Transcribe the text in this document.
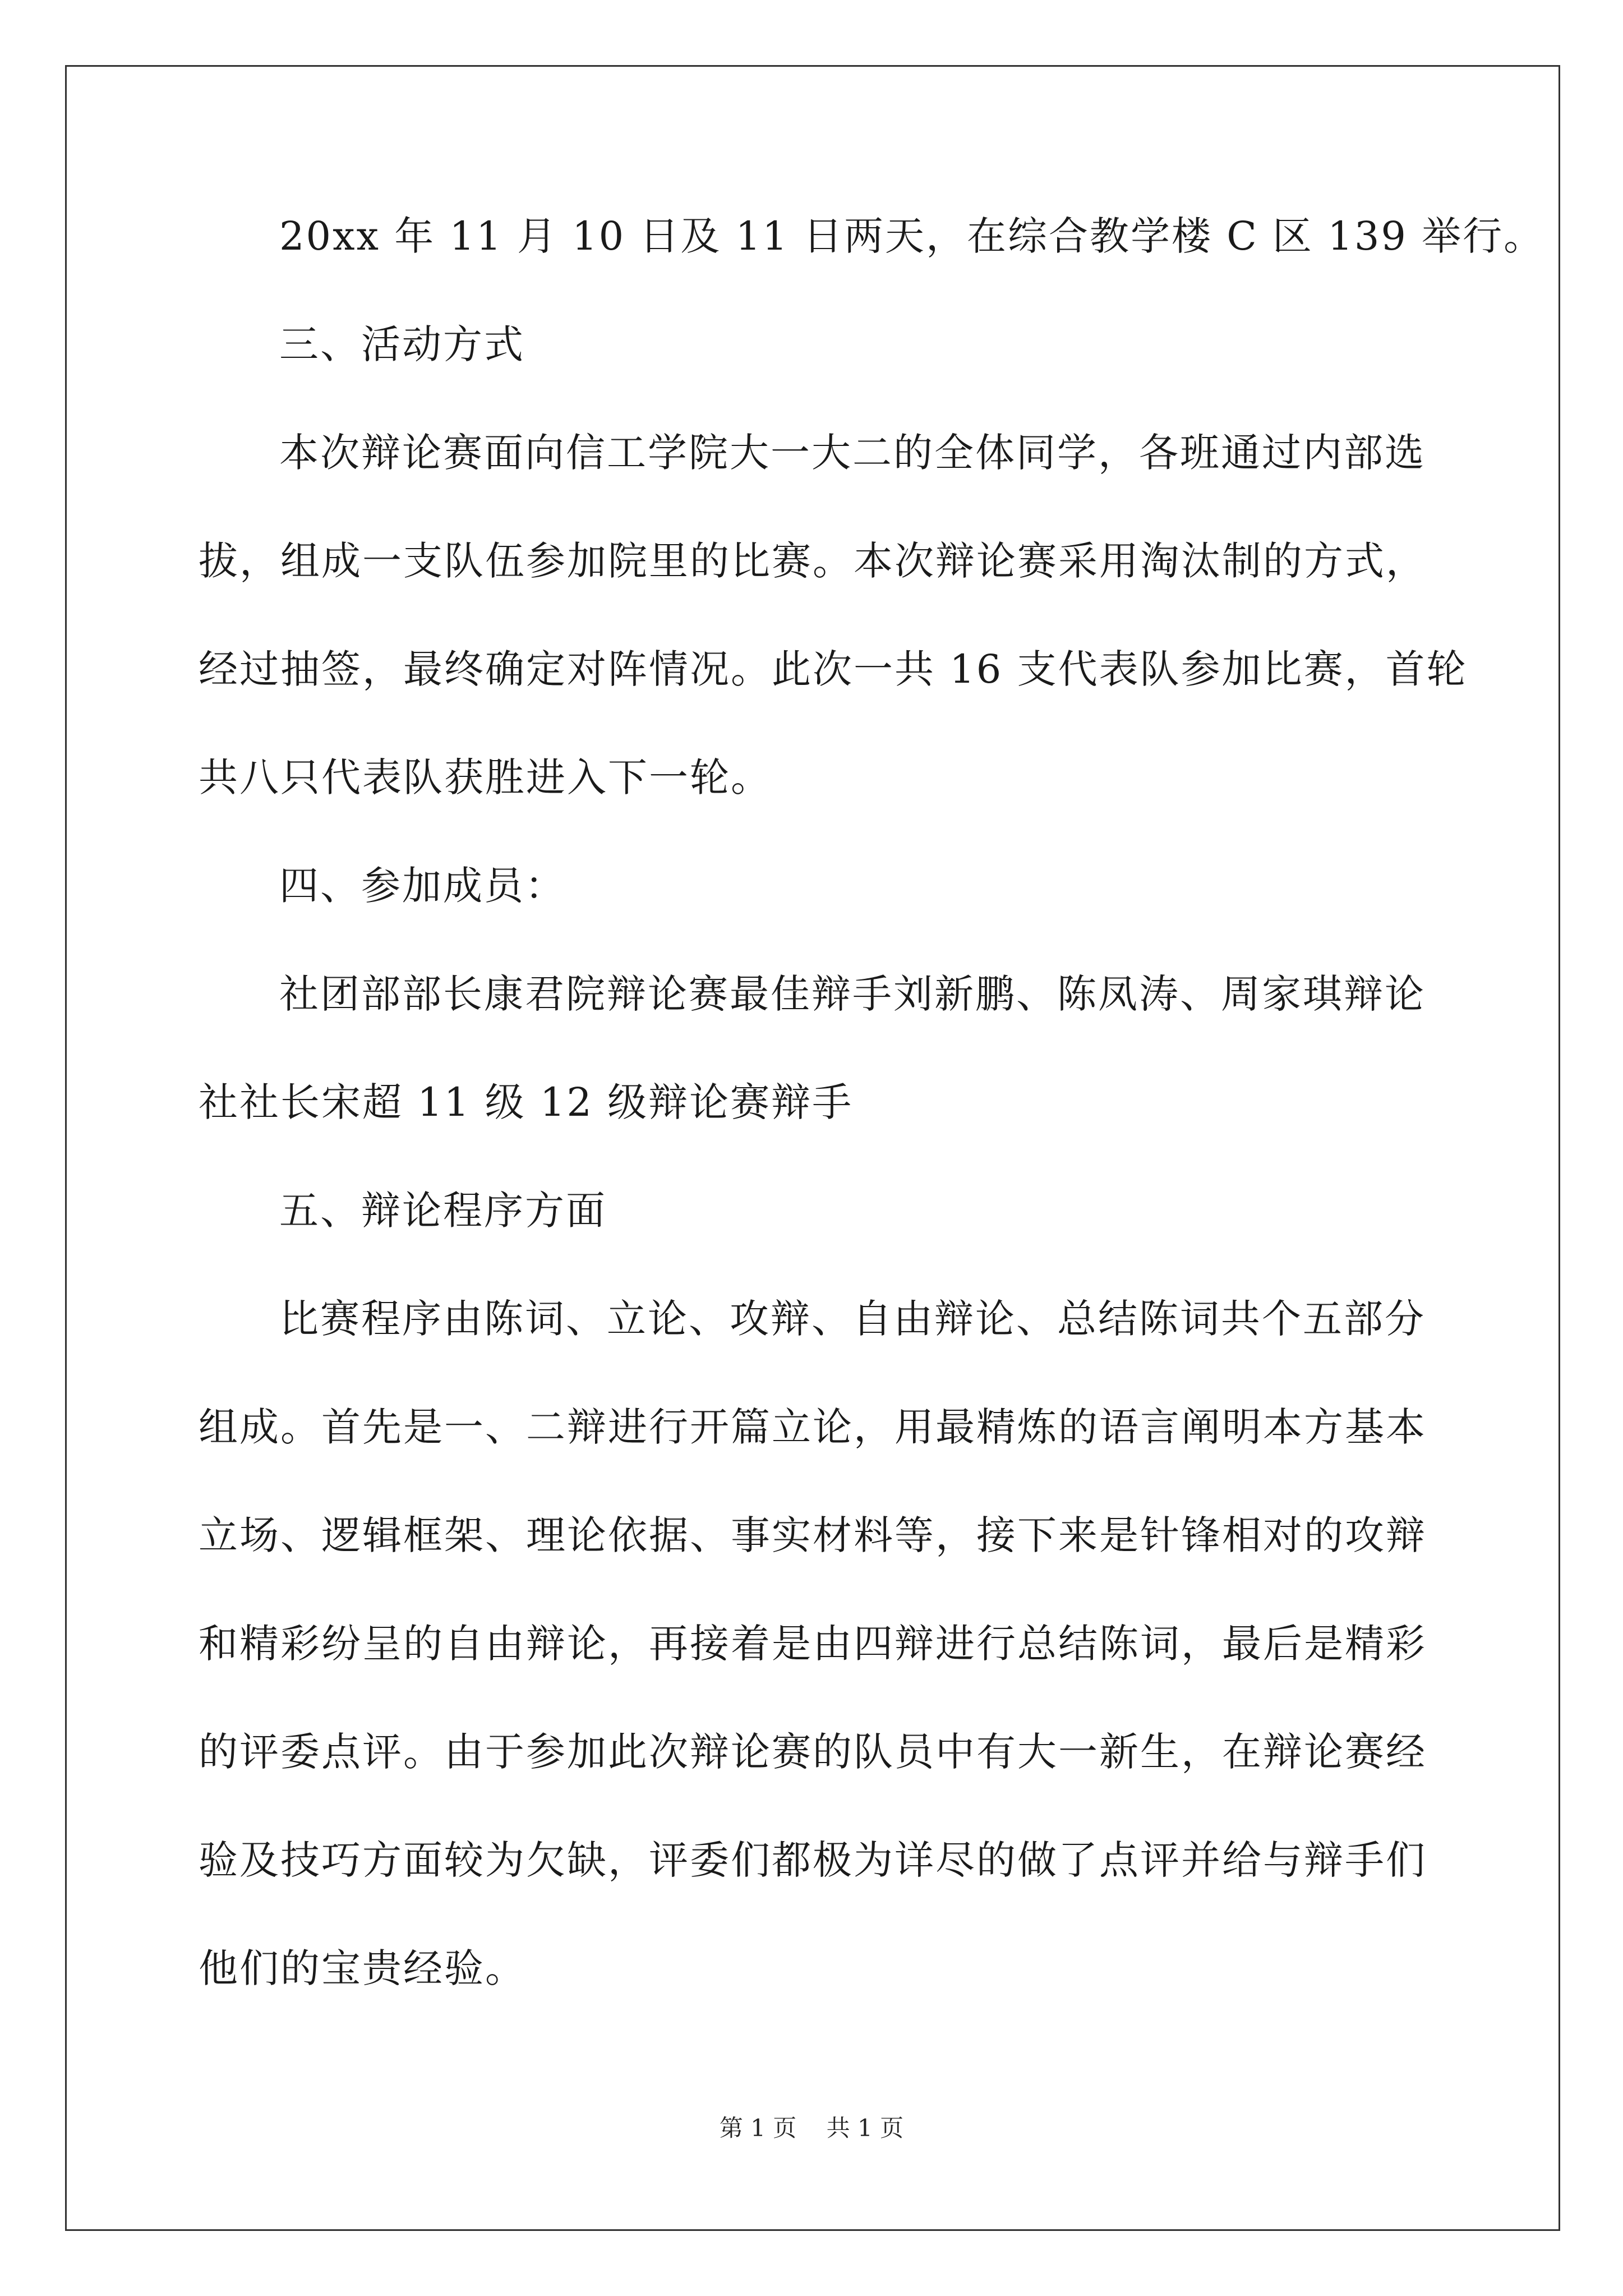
20xx 年 11 月 10 日及 11 日两天，在综合教学楼 C 区 139 举行。
三、活动方式
本次辩论赛面向信工学院大一大二的全体同学，各班通过内部选
拔，组成一支队伍参加院里的比赛。本次辩论赛采用淘汰制的方式，
经过抽签，最终确定对阵情况。此次一共 16 支代表队参加比赛，首轮
共八只代表队获胜进入下一轮。
四、参加成员：
社团部部长康君院辩论赛最佳辩手刘新鹏、陈凤涛、周家琪辩论
社社长宋超 11 级 12 级辩论赛辩手
五、辩论程序方面
比赛程序由陈词、立论、攻辩、自由辩论、总结陈词共个五部分
组成。首先是一、二辩进行开篇立论，用最精炼的语言阐明本方基本
立场、逻辑框架、理论依据、事实材料等，接下来是针锋相对的攻辩
和精彩纷呈的自由辩论，再接着是由四辩进行总结陈词，最后是精彩
的评委点评。由于参加此次辩论赛的队员中有大一新生，在辩论赛经
验及技巧方面较为欠缺，评委们都极为详尽的做了点评并给与辩手们
他们的宝贵经验。
第 1 页 共 1 页
